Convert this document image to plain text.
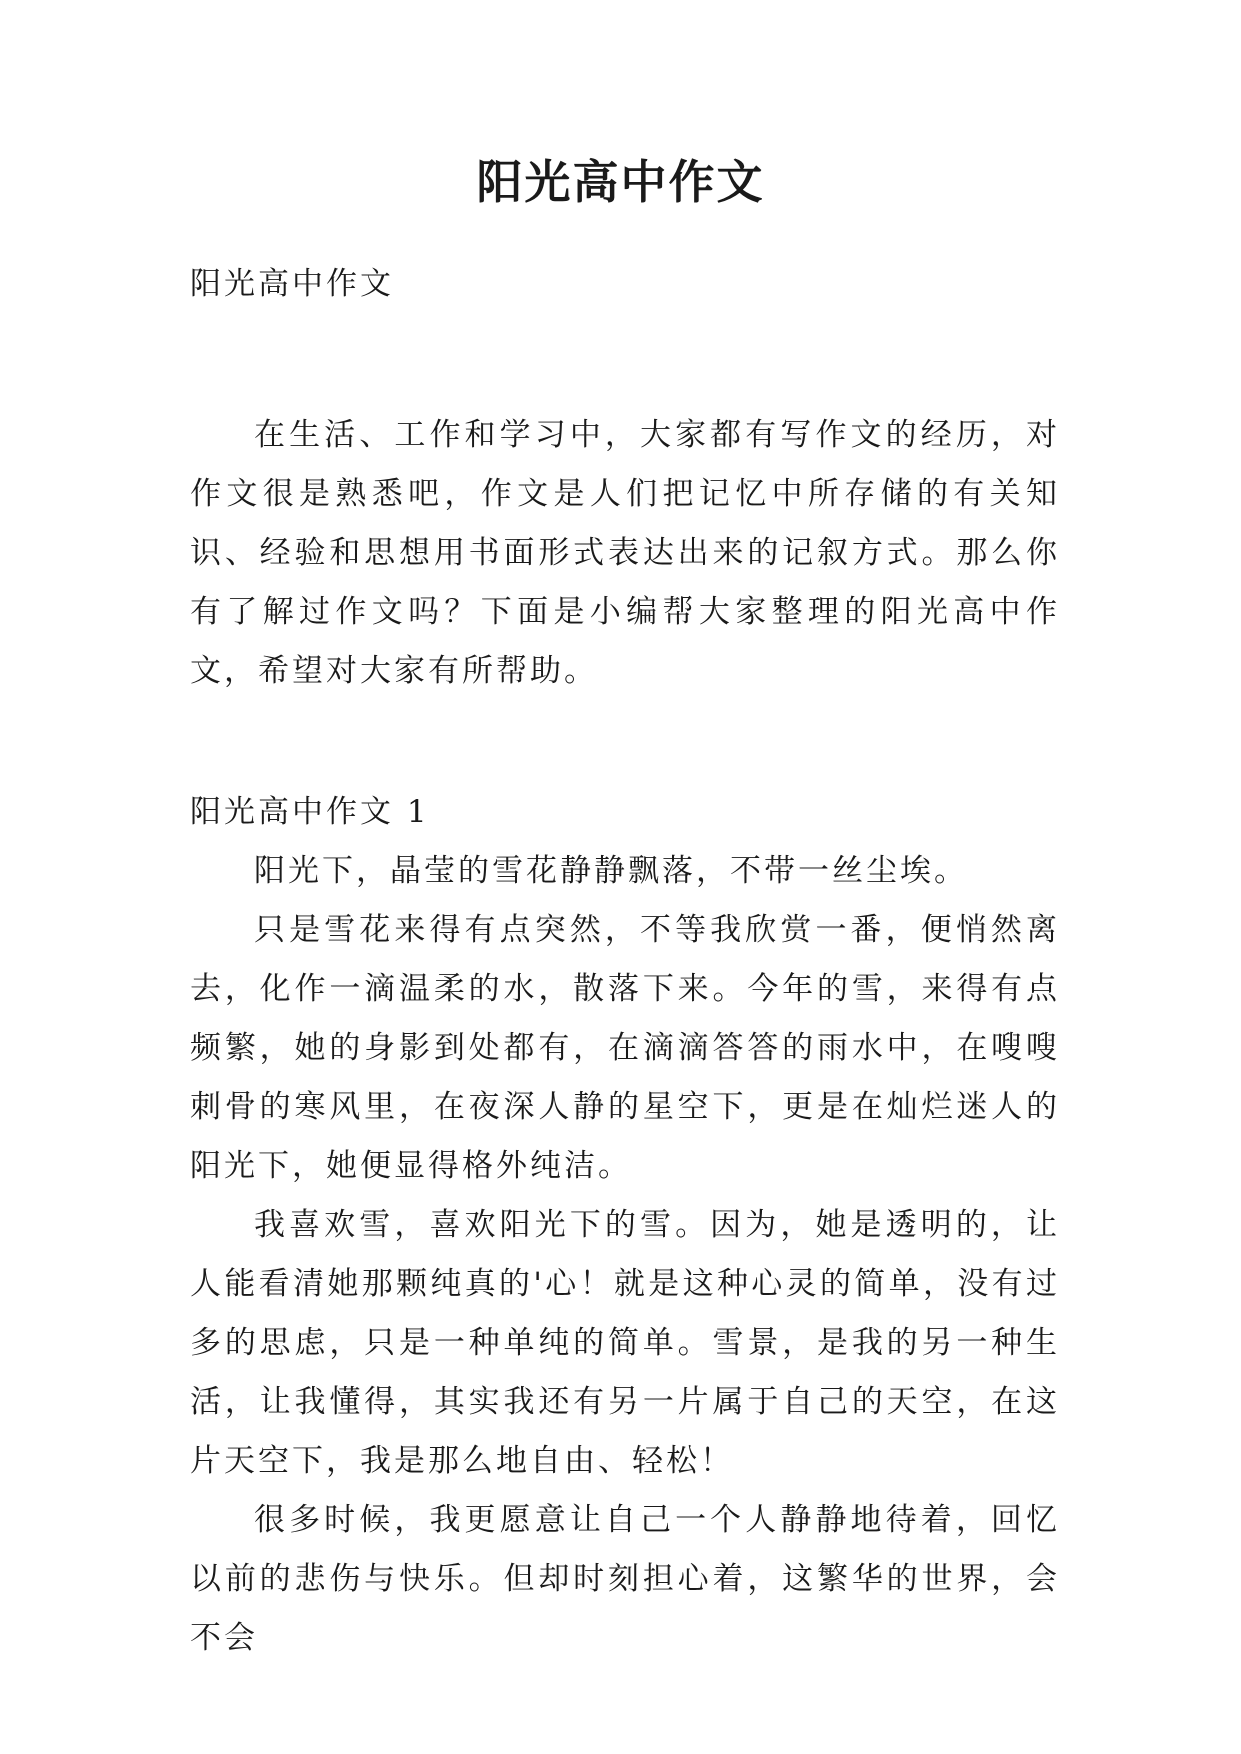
阳光高中作文
阳光高中作文

在生活、工作和学习中，大家都有写作文的经历，对作文很是熟悉吧，作文是人们把记忆中所存储的有关知识、经验和思想用书面形式表达出来的记叙方式。那么你有了解过作文吗？下面是小编帮大家整理的阳光高中作文，希望对大家有所帮助。

阳光高中作文 1

阳光下，晶莹的雪花静静飘落，不带一丝尘埃。

只是雪花来得有点突然，不等我欣赏一番，便悄然离去，化作一滴温柔的水，散落下来。今年的雪，来得有点频繁，她的身影到处都有，在滴滴答答的雨水中，在嗖嗖刺骨的寒风里，在夜深人静的星空下，更是在灿烂迷人的阳光下，她便显得格外纯洁。

我喜欢雪，喜欢阳光下的雪。因为，她是透明的，让人能看清她那颗纯真的'心！就是这种心灵的简单，没有过多的思虑，只是一种单纯的简单。雪景，是我的另一种生活，让我懂得，其实我还有另一片属于自己的天空，在这片天空下，我是那么地自由、轻松！

很多时候，我更愿意让自己一个人静静地待着，回忆以前的悲伤与快乐。但却时刻担心着，这繁华的世界，会不会
